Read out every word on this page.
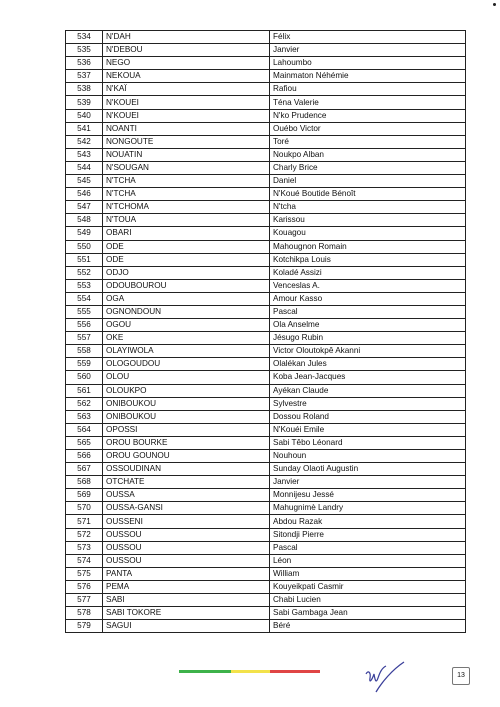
534	N'DAH	Félix
535	N'DEBOU	Janvier
536	NEGO	Lahoumbo
537	NEKOUA	Mainmaton Néhémie
538	N'KAÏ	Rafiou
539	N'KOUEI	Téna Valerie
540	N'KOUEI	N'ko Prudence
541	NOANTI	Ouébo Victor
542	NONGOUTE	Toré
543	NOUATIN	Noukpo Alban
544	N'SOUGAN	Charly Brice
545	N'TCHA	Daniel
546	N'TCHA	N'Koué Boutide Bénoît
547	N'TCHOMA	N'tcha
548	N'TOUA	Karissou
549	OBARI	Kouagou
550	ODE	Mahougnon Romain
551	ODE	Kotchikpa Louis
552	ODJO	Koladé Assizi
553	ODOUBOUROU	Venceslas A.
554	OGA	Amour Kasso
555	OGNONDOUN	Pascal
556	OGOU	Ola Anselme
557	OKE	Jésugo Rubin
558	OLAYIWOLA	Victor Oloutokpê Akanni
559	OLOGOUDOU	Olalékan Jules
560	OLOU	Koba Jean-Jacques
561	OLOUKPO	Ayékan Claude
562	ONIBOUKOU	Sylvestre
563	ONIBOUKOU	Dossou Roland
564	OPOSSI	N'Kouéi Emile
565	OROU BOURKE	Sabi Têbo Léonard
566	OROU GOUNOU	Nouhoun
567	OSSOUDINAN	Sunday Olaoti Augustin
568	OTCHATE	Janvier
569	OUSSA	Monnijesu Jessé
570	OUSSA-GANSI	Mahugnimè Landry
571	OUSSENI	Abdou Razak
572	OUSSOU	Sitondji Pierre
573	OUSSOU	Pascal
574	OUSSOU	Léon
575	PANTA	William
576	PEMA	Kouyeikpati Casmir
577	SABI	Chabi Lucien
578	SABI TOKORE	Sabi Gambaga Jean
579	SAGUI	Béré
13
